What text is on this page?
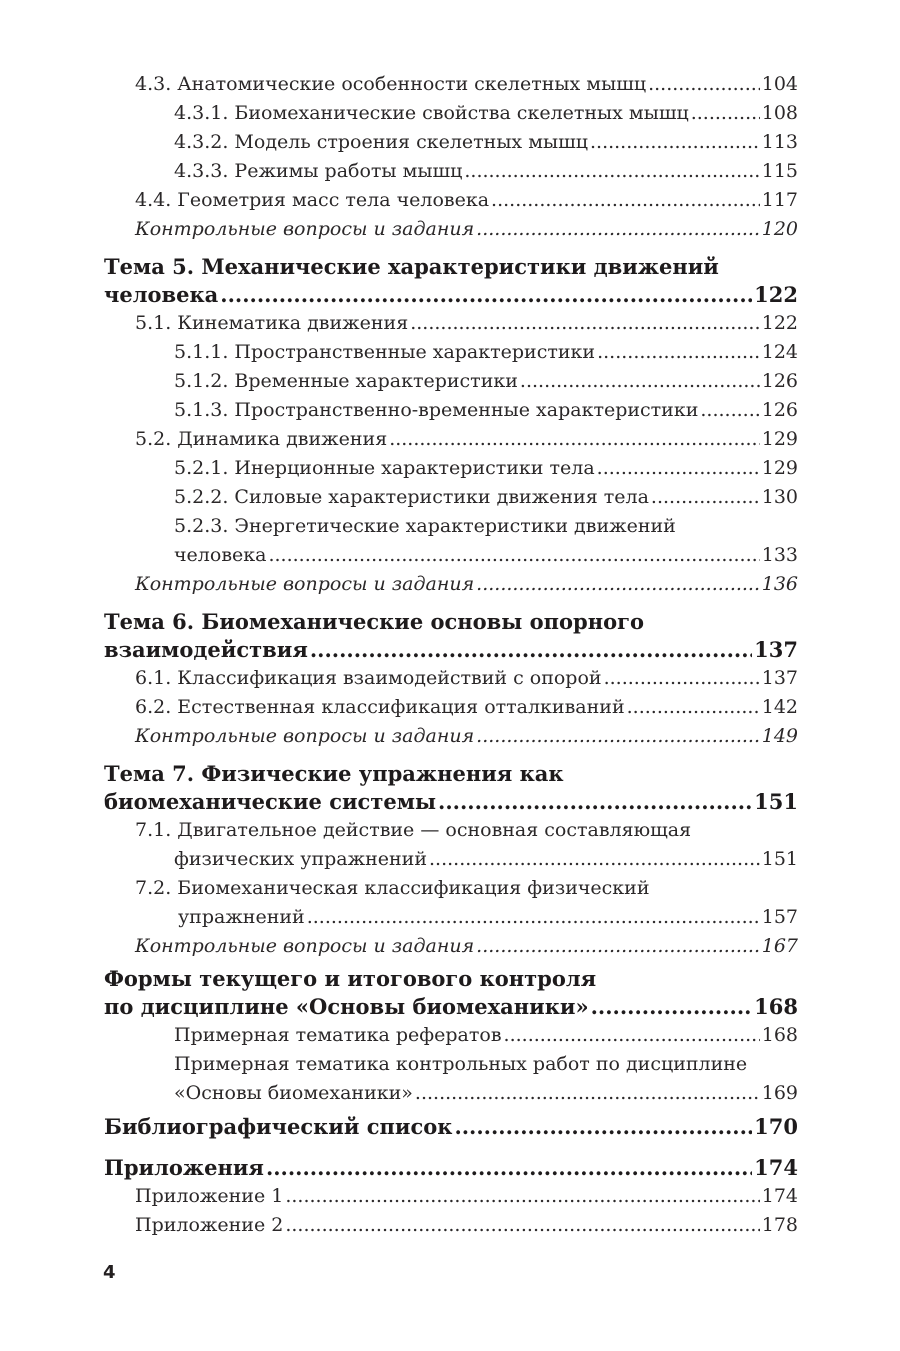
4.3. Анатомические особенности скелетных мышц .....	104
4.3.1. Биомеханические свойства скелетных мышц .....	108
4.3.2. Модель строения скелетных мышц .....	113
4.3.3. Режимы работы мышц .....	115
4.4. Геометрия масс тела человека .....	117
Контрольные вопросы и задания .....	120
Тема 5. Механические характеристики движений
человека .....	122
5.1. Кинематика движения .....	122
5.1.1. Пространственные характеристики .....	124
5.1.2. Временные характеристики .....	126
5.1.3. Пространственно-временные характеристики .....	126
5.2. Динамика движения .....	129
5.2.1. Инерционные характеристики тела .....	129
5.2.2. Силовые характеристики движения тела .....	130
5.2.3. Энергетические характеристики движений
человека .....	133
Контрольные вопросы и задания .....	136
Тема 6. Биомеханические основы опорного
взаимодействия .....	137
6.1. Классификация взаимодействий с опорой .....	137
6.2. Естественная классификация отталкиваний .....	142
Контрольные вопросы и задания .....	149
Тема 7. Физические упражнения как
биомеханические системы .....	151
7.1. Двигательное действие — основная составляющая
физических упражнений .....	151
7.2. Биомеханическая классификация физический
упражнений .....	157
Контрольные вопросы и задания .....	167
Формы текущего и итогового контроля
по дисциплине «Основы биомеханики» .....	168
Примерная тематика рефератов .....	168
Примерная тематика контрольных работ по дисциплине
«Основы биомеханики» .....	169
Библиографический список .....	170
Приложения .....	174
Приложение 1 .....	174
Приложение 2 .....	178
4
